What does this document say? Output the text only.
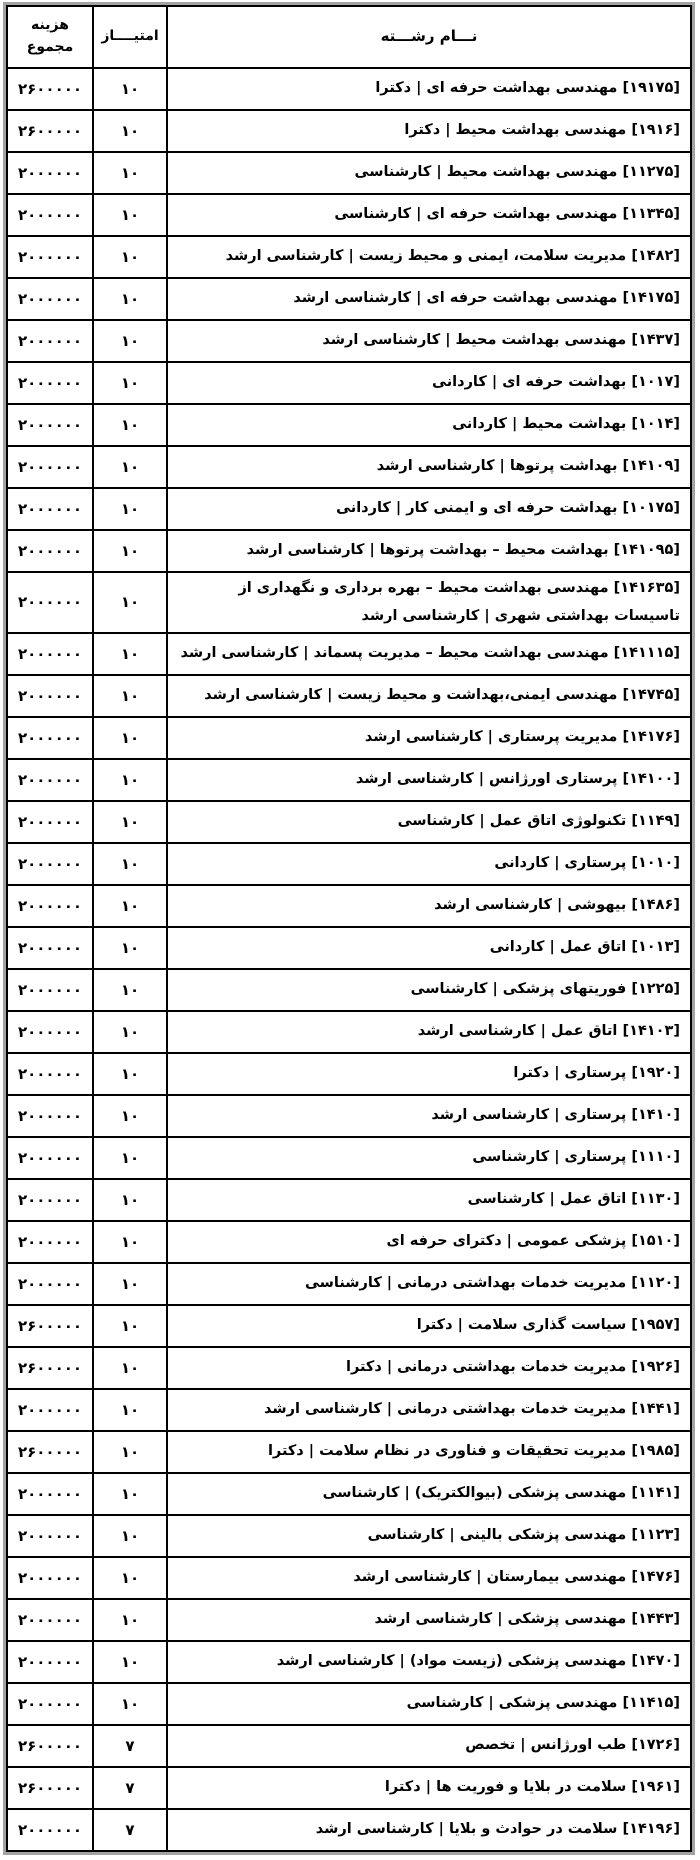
نـــام رشـــته	امتیــــاز	هزینه مجموع
[۱۹۱۷۵] مهندسی بهداشت حرفه ای | دکترا	۱۰	۲۶۰۰۰۰۰
[۱۹۱۶] مهندسی بهداشت محیط | دکترا	۱۰	۲۶۰۰۰۰۰
[۱۱۲۷۵] مهندسی بهداشت محیط | کارشناسی	۱۰	۲۰۰۰۰۰۰
[۱۱۳۴۵] مهندسی بهداشت حرفه ای | کارشناسی	۱۰	۲۰۰۰۰۰۰
[۱۴۸۲] مدیریت سلامت، ایمنی و محیط زیست | کارشناسی ارشد	۱۰	۲۰۰۰۰۰۰
[۱۴۱۷۵] مهندسی بهداشت حرفه ای | کارشناسی ارشد	۱۰	۲۰۰۰۰۰۰
[۱۴۳۷] مهندسی بهداشت محیط | کارشناسی ارشد	۱۰	۲۰۰۰۰۰۰
[۱۰۱۷] بهداشت حرفه ای | کاردانی	۱۰	۲۰۰۰۰۰۰
[۱۰۱۴] بهداشت محیط | کاردانی	۱۰	۲۰۰۰۰۰۰
[۱۴۱۰۹] بهداشت پرتوها | کارشناسی ارشد	۱۰	۲۰۰۰۰۰۰
[۱۰۱۷۵] بهداشت حرفه ای و ایمنی کار | کاردانی	۱۰	۲۰۰۰۰۰۰
[۱۴۱۰۹۵] بهداشت محیط – بهداشت پرتوها | کارشناسی ارشد	۱۰	۲۰۰۰۰۰۰
[۱۴۱۶۳۵] مهندسی بهداشت محیط – بهره برداری و نگهداری از تاسیسات بهداشتی شهری | کارشناسی ارشد	۱۰	۲۰۰۰۰۰۰
[۱۴۱۱۱۵] مهندسی بهداشت محیط – مدیریت پسماند | کارشناسی ارشد	۱۰	۲۰۰۰۰۰۰
[۱۴۷۴۵] مهندسی ایمنی،بهداشت و محیط زیست | کارشناسی ارشد	۱۰	۲۰۰۰۰۰۰
[۱۴۱۷۶] مدیریت پرستاری | کارشناسی ارشد	۱۰	۲۰۰۰۰۰۰
[۱۴۱۰۰] پرستاری اورژانس | کارشناسی ارشد	۱۰	۲۰۰۰۰۰۰
[۱۱۴۹] تکنولوژی اتاق عمل | کارشناسی	۱۰	۲۰۰۰۰۰۰
[۱۰۱۰] پرستاری | کاردانی	۱۰	۲۰۰۰۰۰۰
[۱۴۸۶] بیهوشی | کارشناسی ارشد	۱۰	۲۰۰۰۰۰۰
[۱۰۱۳] اتاق عمل | کاردانی	۱۰	۲۰۰۰۰۰۰
[۱۲۲۵] فوریتهای پزشکی | کارشناسی	۱۰	۲۰۰۰۰۰۰
[۱۴۱۰۳] اتاق عمل | کارشناسی ارشد	۱۰	۲۰۰۰۰۰۰
[۱۹۲۰] پرستاری | دکترا	۱۰	۲۰۰۰۰۰۰
[۱۴۱۰] پرستاری | کارشناسی ارشد	۱۰	۲۰۰۰۰۰۰
[۱۱۱۰] پرستاری | کارشناسی	۱۰	۲۰۰۰۰۰۰
[۱۱۳۰] اتاق عمل | کارشناسی	۱۰	۲۰۰۰۰۰۰
[۱۵۱۰] پزشکی عمومی | دکترای حرفه ای	۱۰	۲۰۰۰۰۰۰
[۱۱۲۰] مدیریت خدمات بهداشتی درمانی | کارشناسی	۱۰	۲۰۰۰۰۰۰
[۱۹۵۷] سیاست گذاری سلامت | دکترا	۱۰	۲۶۰۰۰۰۰
[۱۹۲۶] مدیریت خدمات بهداشتی درمانی | دکترا	۱۰	۲۶۰۰۰۰۰
[۱۴۴۱] مدیریت خدمات بهداشتی درمانی | کارشناسی ارشد	۱۰	۲۰۰۰۰۰۰
[۱۹۸۵] مدیریت تحقیقات و فناوری در نظام سلامت | دکترا	۱۰	۲۶۰۰۰۰۰
[۱۱۴۱] مهندسی پزشکی (بیوالکتریک) | کارشناسی	۱۰	۲۰۰۰۰۰۰
[۱۱۲۳] مهندسی پزشکی بالینی | کارشناسی	۱۰	۲۰۰۰۰۰۰
[۱۴۷۶] مهندسی بیمارستان | کارشناسی ارشد	۱۰	۲۰۰۰۰۰۰
[۱۴۴۳] مهندسی پزشکی | کارشناسی ارشد	۱۰	۲۰۰۰۰۰۰
[۱۴۷۰] مهندسی پزشکی (زیست مواد) | کارشناسی ارشد	۱۰	۲۰۰۰۰۰۰
[۱۱۴۱۵] مهندسی پزشکی | کارشناسی	۱۰	۲۰۰۰۰۰۰
[۱۷۲۶] طب اورژانس | تخصص	۷	۲۶۰۰۰۰۰
[۱۹۶۱] سلامت در بلایا و فوریت ها | دکترا	۷	۲۶۰۰۰۰۰
[۱۴۱۹۶] سلامت در حوادث و بلایا | کارشناسی ارشد	۷	۲۰۰۰۰۰۰
